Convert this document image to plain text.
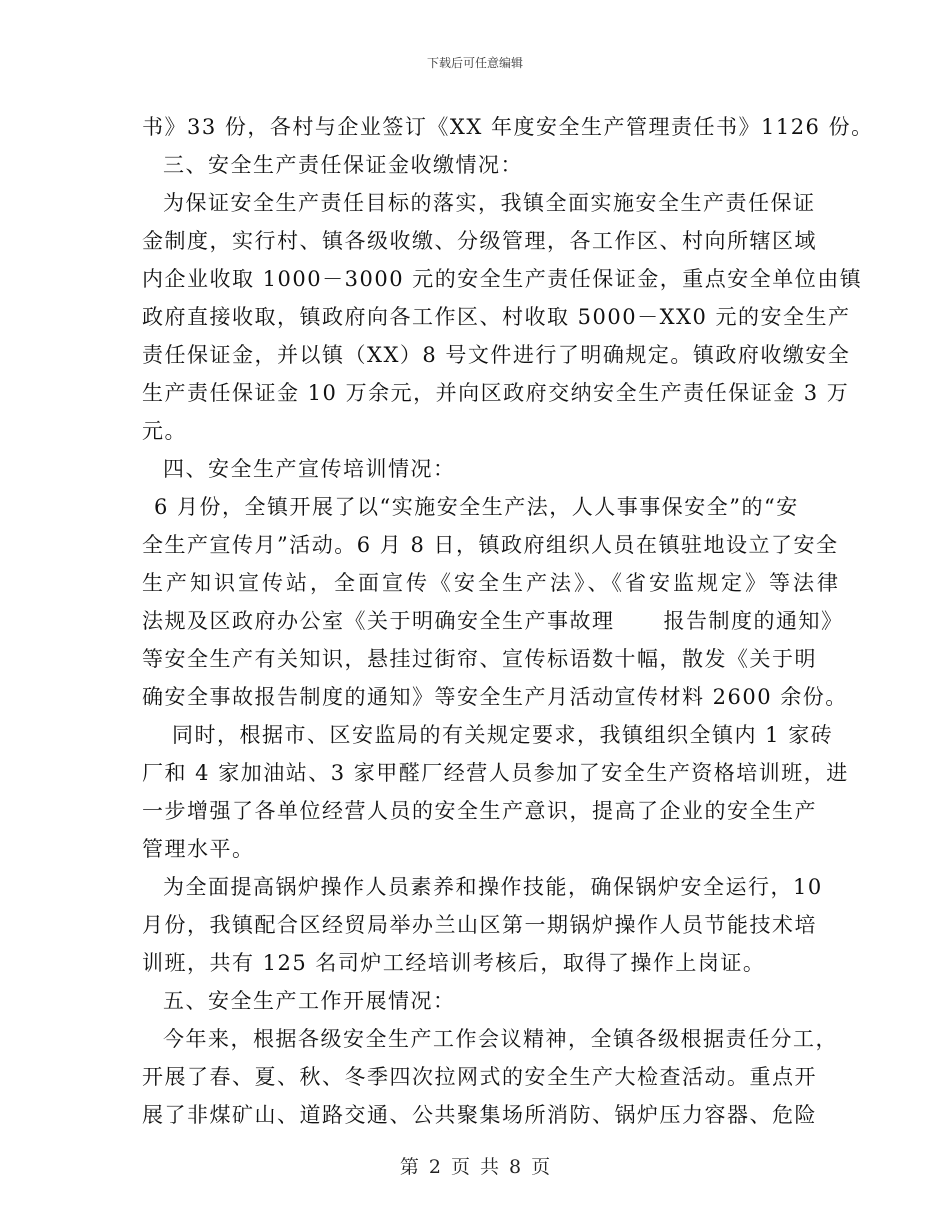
下载后可任意编辑
书》33 份，各村与企业签订《XX 年度安全生产管理责任书》1126 份。
三、安全生产责任保证金收缴情况：
为保证安全生产责任目标的落实，我镇全面实施安全生产责任保证
金制度，实行村、镇各级收缴、分级管理，各工作区、村向所辖区域
内企业收取 1000－3000 元的安全生产责任保证金，重点安全单位由镇
政府直接收取，镇政府向各工作区、村收取 5000－XX0 元的安全生产
责任保证金，并以镇（XX）8 号文件进行了明确规定。镇政府收缴安全
生产责任保证金 10 万余元，并向区政府交纳安全生产责任保证金 3 万
元。
四、安全生产宣传培训情况：
6 月份，全镇开展了以“实施安全生产法，人人事事保安全”的“安
全生产宣传月”活动。6 月 8 日，镇政府组织人员在镇驻地设立了安全
生产知识宣传站，全面宣传《安全生产法》、《省安监规定》等法律
法规及区政府办公室《关于明确安全生产事故理      报告制度的通知》
等安全生产有关知识，悬挂过街帘、宣传标语数十幅，散发《关于明
确安全事故报告制度的通知》等安全生产月活动宣传材料 2600 余份。
同时，根据市、区安监局的有关规定要求，我镇组织全镇内 1 家砖
厂和 4 家加油站、3 家甲醛厂经营人员参加了安全生产资格培训班，进
一步增强了各单位经营人员的安全生产意识，提高了企业的安全生产
管理水平。
为全面提高锅炉操作人员素养和操作技能，确保锅炉安全运行，10
月份，我镇配合区经贸局举办兰山区第一期锅炉操作人员节能技术培
训班，共有 125 名司炉工经培训考核后，取得了操作上岗证。
五、安全生产工作开展情况：
今年来，根据各级安全生产工作会议精神，全镇各级根据责任分工，
开展了春、夏、秋、冬季四次拉网式的安全生产大检查活动。重点开
展了非煤矿山、道路交通、公共聚集场所消防、锅炉压力容器、危险
第 2 页 共 8 页
